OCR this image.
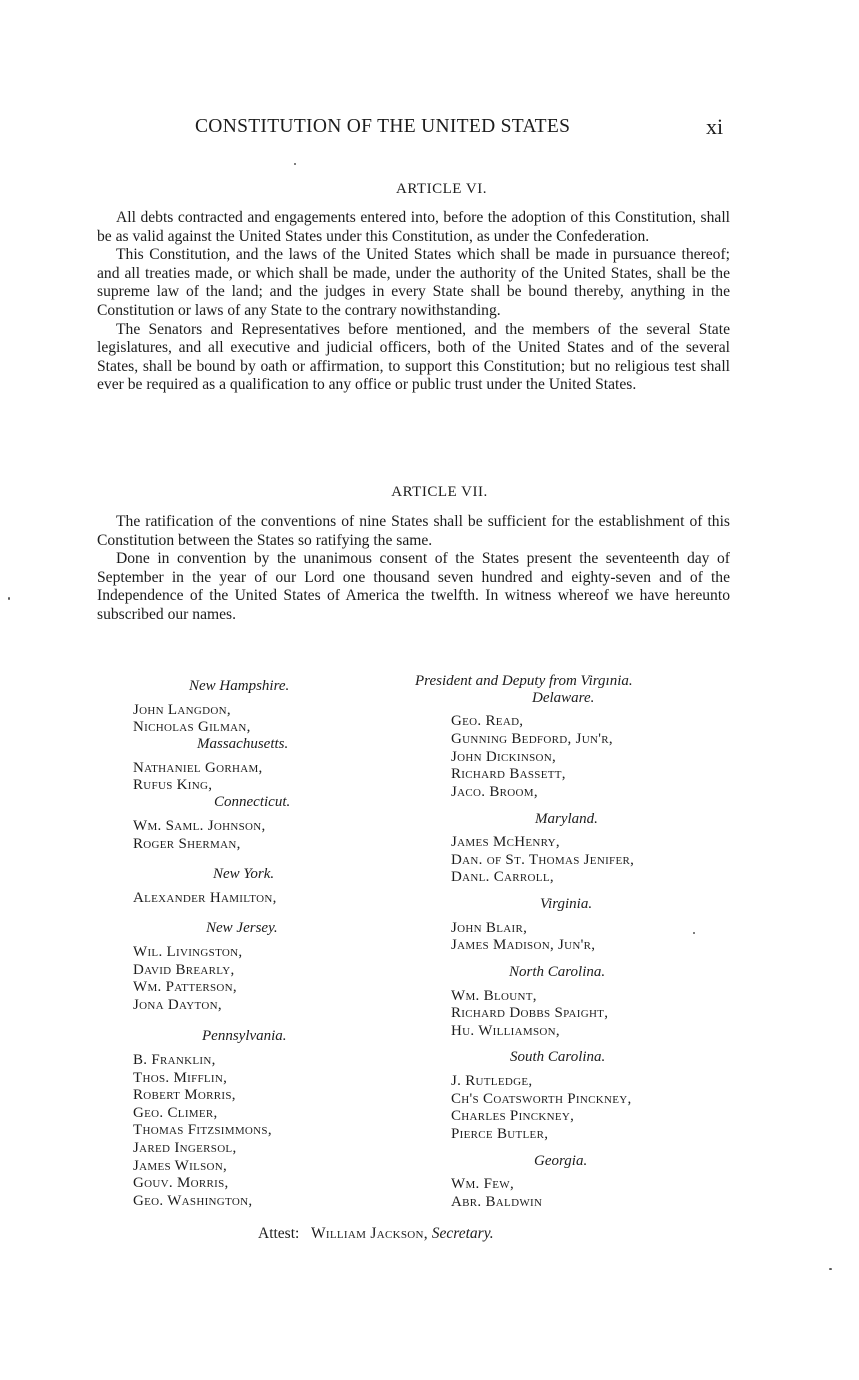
CONSTITUTION OF THE UNITED STATES	xi
ARTICLE VI.

All debts contracted and engagements entered into, before the adoption of this Constitution, shall be as valid against the United States under this Constitution, as under the Confederation.

This Constitution, and the laws of the United States which shall be made in pursuance thereof; and all treaties made, or which shall be made, under the authority of the United States, shall be the supreme law of the land; and the judges in every State shall be bound thereby, anything in the Constitution or laws of any State to the contrary nowithstanding.

The Senators and Representatives before mentioned, and the members of the several State legislatures, and all executive and judicial officers, both of the United States and of the several States, shall be bound by oath or affirmation, to support this Constitution; but no religious test shall ever be required as a qualification to any office or public trust under the United States.

ARTICLE VII.

The ratification of the conventions of nine States shall be sufficient for the establishment of this Constitution between the States so ratifying the same.

Done in convention by the unanimous consent of the States present the seventeenth day of September in the year of our Lord one thousand seven hundred and eighty-seven and of the Independence of the United States of America the twelfth. In witness whereof we have hereunto subscribed our names.

New Hampshire.
John Langdon,
Nicholas Gilman,
Massachusetts.
Nathaniel Gorham,
Rufus King,
Connecticut.
Wm. Saml. Johnson,
Roger Sherman,
New York.
Alexander Hamilton,
New Jersey.
Wil. Livingston,
David Brearly,
Wm. Patterson,
Jona Dayton,
Pennsylvania.
B. Franklin,
Thos. Mifflin,
Robert Morris,
Geo. Climer,
Thomas Fitzsimmons,
Jared Ingersol,
James Wilson,
Gouv. Morris,
Geo. Washington,
President and Deputy from Virgınia.
Delaware.
Geo. Read,
Gunning Bedford, Jun'r,
John Dickinson,
Richard Bassett,
Jaco. Broom,
Maryland.
James McHenry,
Dan. of St. Thomas Jenifer,
Danl. Carroll,
Virginia.
John Blair,
James Madison, Jun'r,
North Carolina.
Wm. Blount,
Richard Dobbs Spaight,
Hu. Williamson,
South Carolina.
J. Rutledge,
Ch's Coatsworth Pinckney,
Charles Pinckney,
Pierce Butler,
Georgia.
Wm. Few,
Abr. Baldwin
Attest: William Jackson, Secretary.
